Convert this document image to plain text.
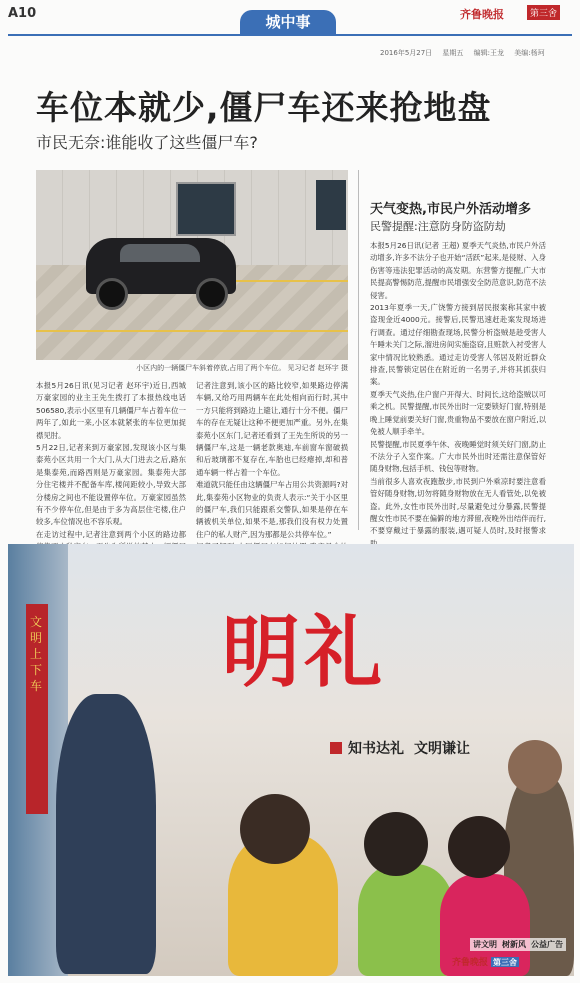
A10	城中事	齐鲁晚报	第三舍
2016年5月27日 星期五 编辑:王龙 美编:杨珂
车位本就少,僵尸车还来抢地盘
市民无奈:谁能收了这些僵尸车?
小区内的一辆僵尸车斜着停放,占用了两个车位。 见习记者 赵环宇 摄
本报5月26日讯(见习记者 赵环宇)近日,西城万豪家园的业主王先生拨打了本报热线电话506580,表示小区里有几辆僵尸车占着车位一两年了,如此一来,小区本就紧张的车位更加捉襟见肘。
5月22日,记者来到万豪家园,发现该小区与集泰苑小区共用一个大门,从大门进去之后,路东是集泰苑,而路西则是万豪家园。集泰苑大部分住宅楼并不配备车库,楼间距较小,导致大部分楼房之间也不能设置停车位。万豪家园虽然有不少停车位,但是由于多为高层住宅楼,住户较多,车位情况也不容乐观。
在走访过程中,记者注意到两个小区的路边都
记者注意到,该小区的路比较窄,如果路边停满车辆,又给巧用两辆车在此处相向而行时,其中一方只能将到路边上避让,通行十分不便。僵尸车的存在无疑让这种不便更加严重。另外,在集泰苑小区东门,记者还看到了王先生所说的另一辆僵尸车,这是一辆老款奥迪,车前窗车窗破损和后玻璃都不复存在,车胎也已经瘪掉,却和普通车辆一样占着一个车位。
难道就只能任由这辆僵尸车占用公共资源吗?对此,集泰苑小区物业的负责人表示:“关于小区里的僵尸车,我们只能跟系交警队,如果是停在车辆被机关单位,如果不是,那我们没有权力处置住户的私人财产,因为那都是公共停车位。”

天气变热,市民户外活动增多
民警提醒:注意防身防盗防劫
本报5月26日讯(记者 王超) 夏季天气炎热,市民户外活动增多,许多不法分子也开始“活跃”起来,是侵财、入身伤害等违法犯罪活动的高发期。东营警方提醒,广大市民提高警惕防范,提醒市民增强安全防范意识,防范不法侵害。
2013年夏季一天,广饶警方接到居民报案称其家中被盗现金近4000元。接警后,民警迅速赶赴案发现场进行调查。通过仔细勘查现场,民警分析盗贼是趁受害人午睡未关门之际,溜进房间实施盗窃,且赃款入衬受害人家中情况比较熟悉。通过走访受害人邻居及附近群众排查,民警锁定居住在附近的一名男子,并将其抓获归案。
夏季天气炎热,住户窗户开得大、时间长,这给盗贼以可乘之机。民警提醒,市民外出时一定要锁好门窗,特别是晚上睡觉前要关好门窗,贵重物品不要放在窗户附近,以免被人顺手牵羊。
民警提醒,市民夏季午休、夜晚睡觉时须关好门窗,防止不法分子入室作案。广大市民外出时还需注意保管好随身财物,包括手机、钱包等财物。
当前很多人喜欢夜跑散步,市民到户外乘凉时要注意看管好随身财物,切勿将随身财物放在无人看管处,以免被盗。此外,女性市民外出时,尽量避免过分暴露,民警提醒女性市民不要在偏僻的地方滞留,夜晚外出结伴而行,不要穿戴过于暴露的服装,遇可疑人员时,及时报警求
文明上下车 明礼
知书达礼 文明谦让
讲文明 树新风 公益广告
齐鲁晚报 第三舍
